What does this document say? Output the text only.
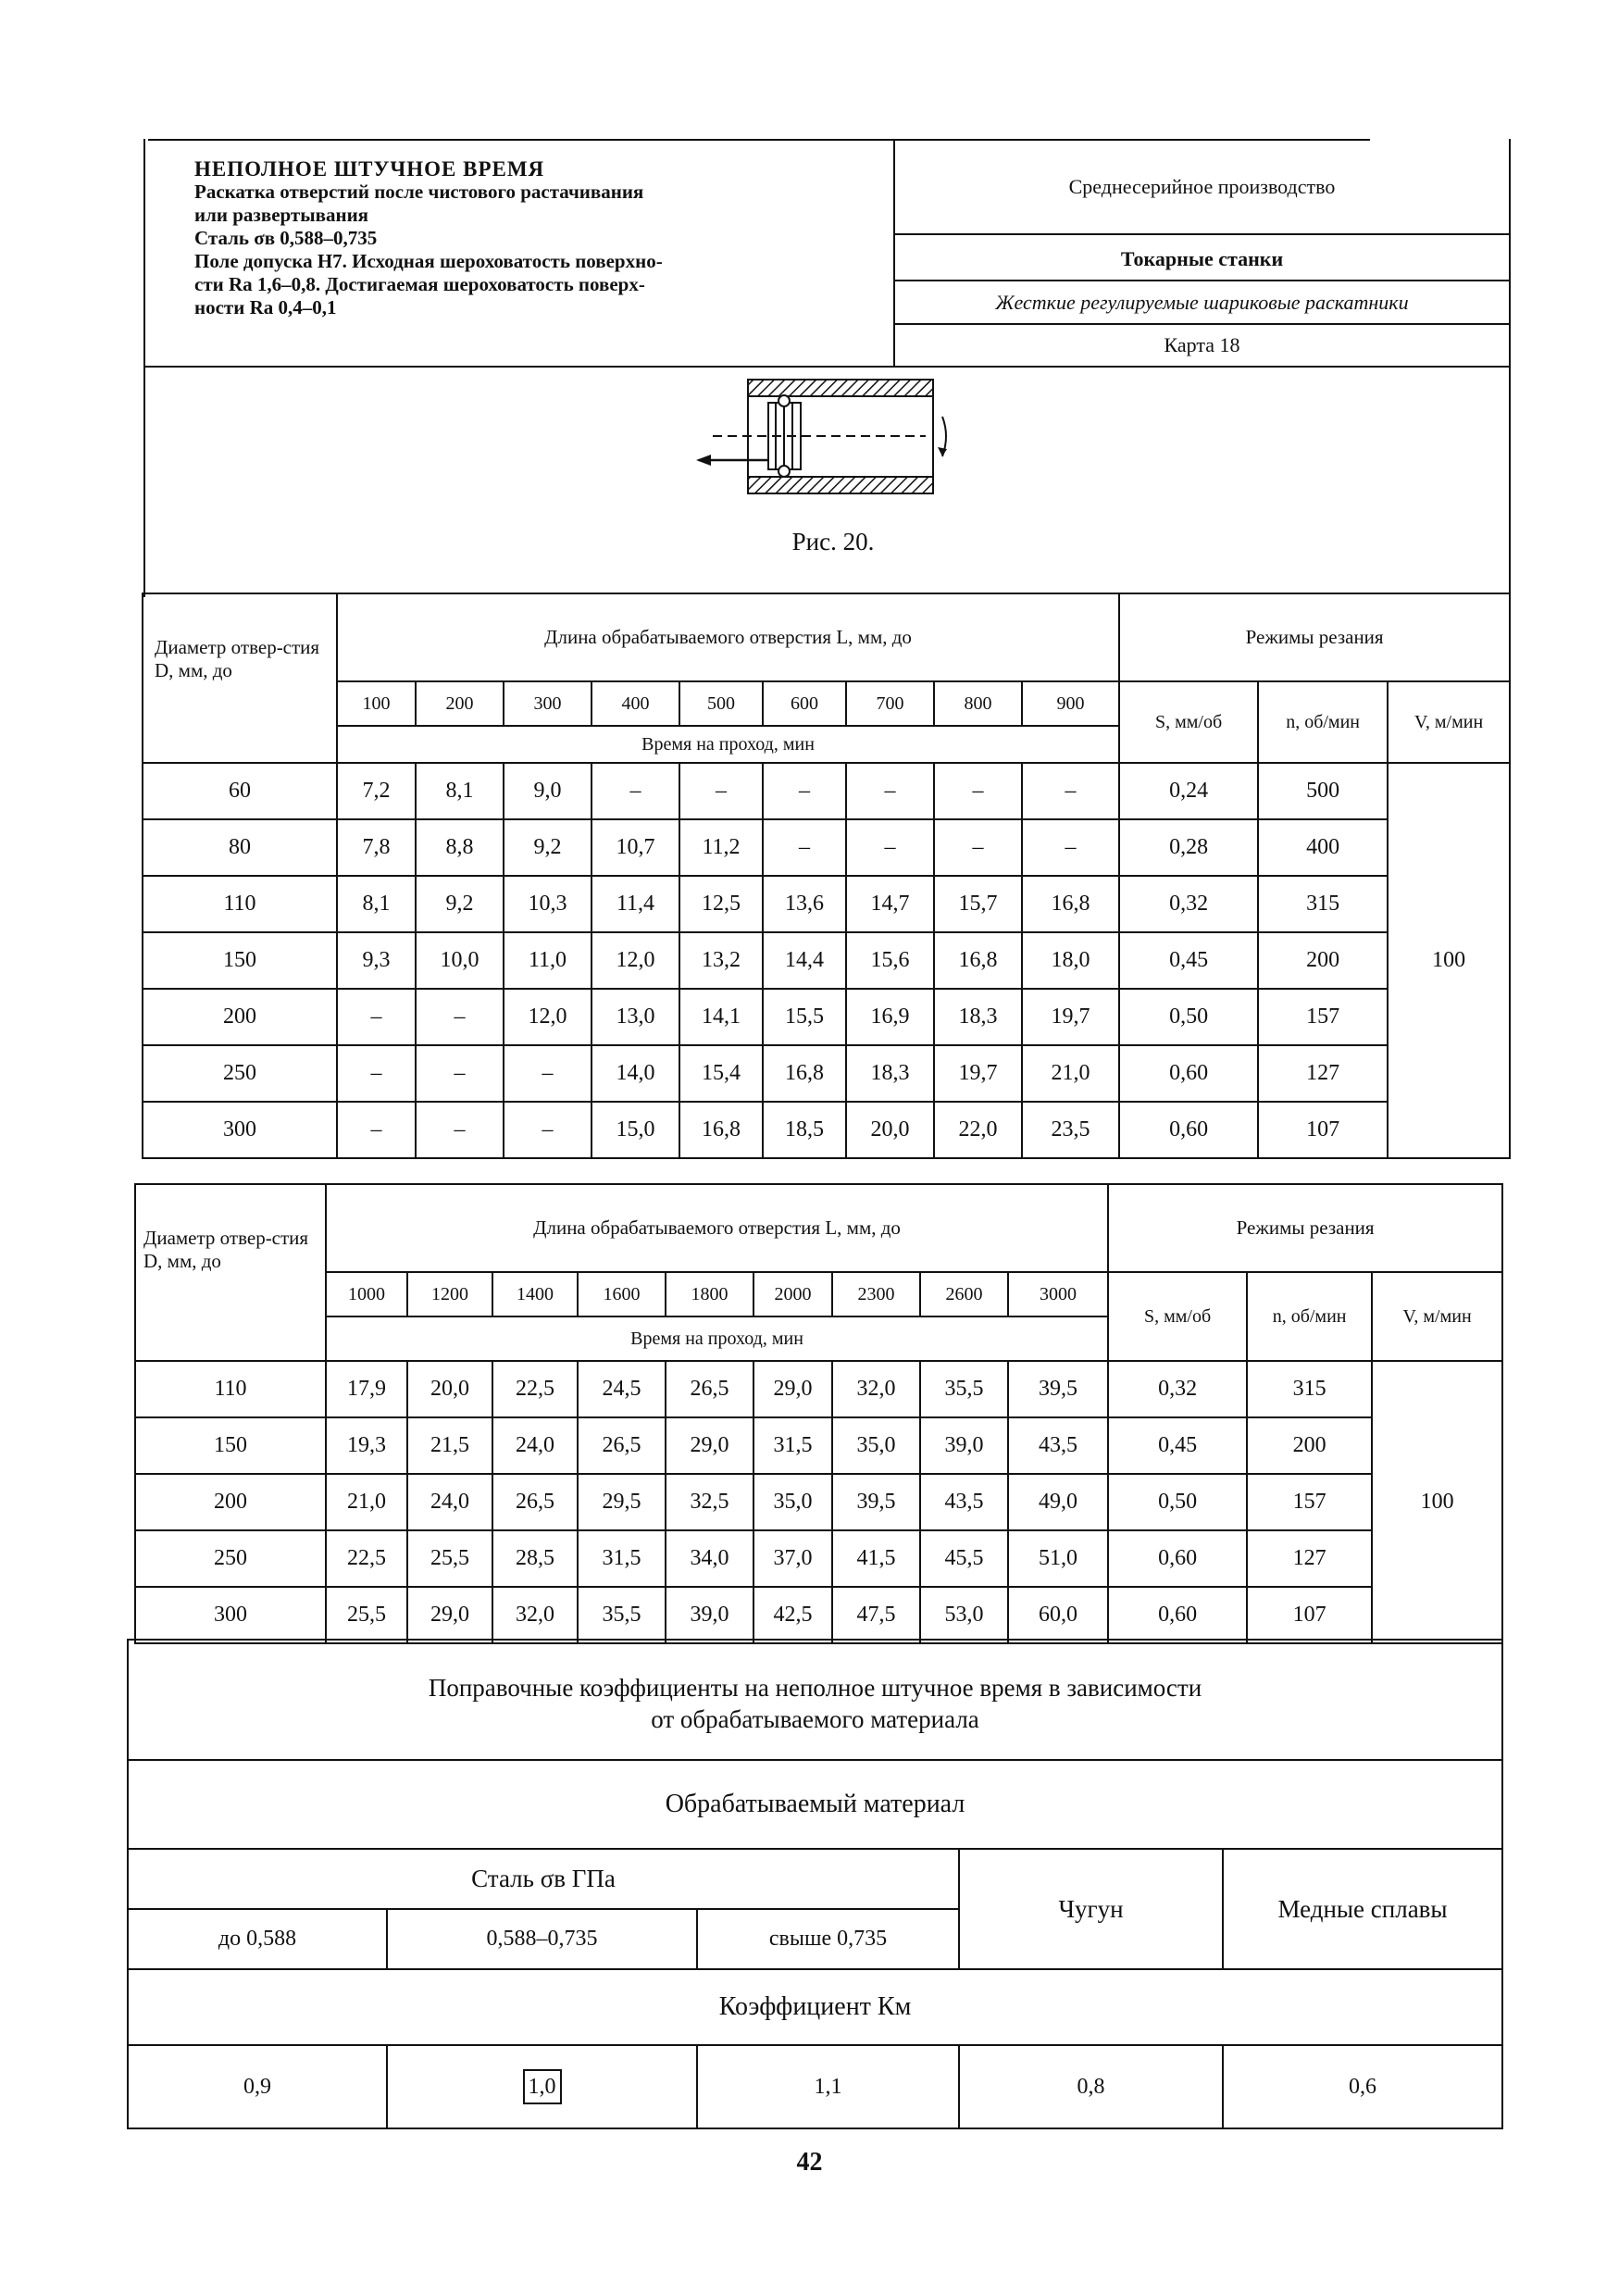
НЕПОЛНОЕ ШТУЧНОЕ ВРЕМЯ
Раскатка отверстий после чистового растачивания
или развертывания
Сталь σв 0,588–0,735
Поле допуска Н7. Исходная шероховатость поверхно-
сти Ra 1,6–0,8. Достигаемая шероховатость поверх-
ности Ra 0,4–0,1
Среднесерийное производство
Токарные станки
Жесткие регулируемые шариковые раскатники
Карта 18
Рис. 20.
Диаметр отвер-стия D, мм, до	Длина обрабатываемого отверстия L, мм, до									Режимы резания		
	100	200	300	400	500	600	700	800	900	S, мм/об	n, об/мин	V, м/мин
	Время на проход, мин											
60	7,2	8,1	9,0	–	–	–	–	–	–	0,24	500	100
80	7,8	8,8	9,2	10,7	11,2	–	–	–	–	0,28	400	
110	8,1	9,2	10,3	11,4	12,5	13,6	14,7	15,7	16,8	0,32	315	
150	9,3	10,0	11,0	12,0	13,2	14,4	15,6	16,8	18,0	0,45	200	
200	–	–	12,0	13,0	14,1	15,5	16,9	18,3	19,7	0,50	157	
250	–	–	–	14,0	15,4	16,8	18,3	19,7	21,0	0,60	127	
300	–	–	–	15,0	16,8	18,5	20,0	22,0	23,5	0,60	107	
Диаметр отвер-стия D, мм, до	Длина обрабатываемого отверстия L, мм, до									Режимы резания		
	1000	1200	1400	1600	1800	2000	2300	2600	3000	S, мм/об	n, об/мин	V, м/мин
	Время на проход, мин											
110	17,9	20,0	22,5	24,5	26,5	29,0	32,0	35,5	39,5	0,32	315	100
150	19,3	21,5	24,0	26,5	29,0	31,5	35,0	39,0	43,5	0,45	200	
200	21,0	24,0	26,5	29,5	32,5	35,0	39,5	43,5	49,0	0,50	157	
250	22,5	25,5	28,5	31,5	34,0	37,0	41,5	45,5	51,0	0,60	127	
300	25,5	29,0	32,0	35,5	39,0	42,5	47,5	53,0	60,0	0,60	107	
Поправочные коэффициенты на неполное штучное время в зависимости
от обрабатываемого материала				

Обрабатываемый материал				
Сталь σв ГПа			Чугун	Медные сплавы
до 0,588	0,588–0,735	свыше 0,735		
Коэффициент Км				
0,9	1,0	1,1	0,8	0,6
42
